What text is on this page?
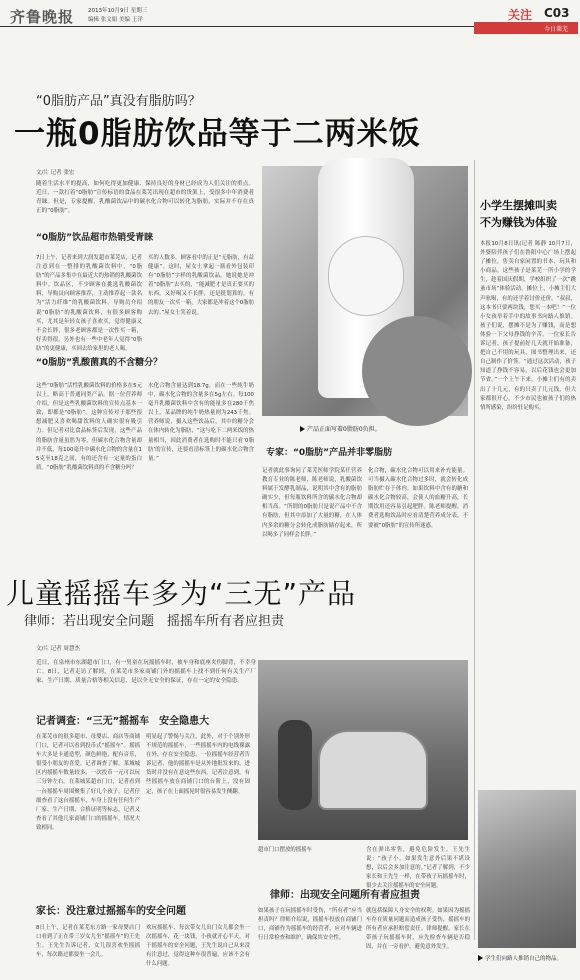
齐鲁晚报	2013年10月9日 星期三
编辑 张文娟 美编 王洋	关注 C03
今日莱芜
“0脂肪产品”真没有脂肪吗？
一瓶0脂肪饮品等于二两米饭
文/片 记者 张宏
随着生活水平的提高，如何吃得更加健康、保持良好的身材已经成为人们关注的重点。近日，一款打着“0脂肪”宣传标语的食品在莱芜出现在超市的货架上，受很多中年消费者青睐。但是，专家提醒，乳酸菌饮品中的碳水化合物可以转化为脂肪，实际并不存在真正的“0脂肪”。
“0脂肪”饮品超市热销受青睐
7日上午，记者来到大润发超市莱芜店，记者注意到在一整排的乳酸菌饮料中，“0脂肪”的产品多集中在最近大约热销的乳酸菌饮料中。饮品区，不少顾客在挑选乳酸菌饮料，导购员向顾客推荐，主动推荐起一款名为“活力纤维”的乳酸菌饮料。导购员介绍说“0脂肪”的乳酸菌饮料，有很多顾客购买，尤其是年轻女孩子喜欢买，觉得健康又不会长胖，很多老顾客都是一次性买一箱，好卖得很。另外也有一些中老年人觉得“0脂肪”的更健康，买回去给家里的老人喝。
买的人数多，顾客看中的正是“无脂肪，有益健康”。这时，屋女士拿起一瓶看外包装印有“0脂肪”字样的乳酸菌饮品，她说她是冲着“0脂肪”去买的，“能减肥才是真正要买的东西，又好喝又不长胖，还是挺划算的。有的朋友一次买一箱，大家都是冲着这个0脂肪去的。”屋女士笑着说。
“0脂肪”乳酸菌真的不含糖分？
这些“0脂肪”活性乳酸菌饮料的价格多在5元以上，略高于普通同类产品。据一位营养师介绍，但是这些乳酸菌饮料的宣传点基本一致，即都是“0脂肪”。这种宣传对于那些很想减肥又喜欢喝甜饮料的人确实很有吸引力。但记者对比食品标签后发现，这些产品的脂肪含量虽然为零，但碳水化合物含量却并不低，每100毫升中碳水化合物的含量在15克至18克之间，有的还含有一定量的蛋白质。“0脂肪”乳酸菌饮料真的不含糖分吗？
水化合物含量达到18.7g，而在一些纯牛奶中，碳水化合物的含量多在5g左右。每100毫升乳酸菌饮料中含有的能量多在280千焦以上，某品牌的纯牛奶热量则为243千焦。营养师说，摄入这些饮品后，其中的糖分会在体内转化为脂肪，“这与吃下二两米饭的热量相当，因此消费者在选购时不能只看‘0脂肪’的宣传，还要看清标签上的碳水化合物含量。”
产品正面写着0脂肪0负担。
专家：“0脂肪”产品并非零脂肪
记者就此事询问了莱芜医师学院某任营养教育专业的陈老师，陈老师说，乳酸菌饮料属于发酵乳制品，说明其中含有的脂肪确实少，但每瓶饮料所含的碳水化合物却相当高。“所谓的0脂肪只是说产品中不含有脂肪，但其中添加了大量的糖，在人体内多余的糖分会转化成脂肪储存起来，所以喝多了同样会长胖。”
化合物，碳水化合物可以用来补充能量。可当摄入碳水化合物过多时，就会转化成脂肪贮存于体内。如果饮料中含有的糖和碳水化合物较高，会使人的血糖升高，长期饮用还容易引起肥胖。陈老师提醒，消费者选购饮品时应看清楚营养成分表，不要被“0脂肪”的宣传所迷惑。
小学生摆摊叫卖
不为赚钱为体验
本报10月8日讯(记者 陈静 10月7日，外婆陪伴孩子们在鲁阳中心广场上摆起了摊位，售卖自家闲置的书本、玩具和小商品。这些孩子是莱芜一所小学的学生，趁着国庆假期，学校组织了一次“跳蚤市场”体验活动。摊位上，小摊主们大声吆喝，有的还学着讨价还价。“叔叔，这本书只要两块钱，您买一本吧！”一位小女孩举着手中的故事书向路人推销。孩子们说，摆摊不是为了赚钱，而是想体验一下父母挣钱的辛苦。一位家长告诉记者，孩子提前好几天就开始准备，把自己不用的玩具、图书整理出来，还自己制作了价签。“通过这次活动，孩子知道了挣钱不容易，以后花钱也会更加节省。”一个上午下来，小摊主们有的卖出了十几元，有的只卖了几元钱，但大家都很开心。不少市民也被孩子们的热情所感染，纷纷驻足购买。
学生们向路人推销自己的物品。
儿童摇摇车多为“三无”产品
律师：若出现安全问题　摇摇车所有者应担责
文/片 记者 周慧杰
近日，在泉州市东湖超市门口，有一男童在玩摇摇车时，被车身和底座夹伤脚背，不幸身亡。8日，记者走访了解到，在莱芜市多家商铺门外的摇摇车上找不到任何有关生产厂家、生产日期、质量合格等相关信息，是以全无安全的保证，存在一定的安全隐患。
记者调查：“三无”摇摇车　安全隐患大
在莱芜市的很多超市、母婴店、商店等商铺门口，记者可以看到投币式“摇摇车”。摇摇车大多是卡通造型，颜色鲜艳，配有音乐，很受小朋友的喜爱。记者调查了解，莱城城区内摇摇车数量较多，一次投币一元可以玩三分钟左右。在莱城某超市门口，记者看到一台摇摇车周围聚集了好几个孩子。记者仔细查看了这台摇摇车，车身上没有任何生产厂家、生产日期、合格证明等标志。记者又查看了其他几家商铺门口的摇摇车，情况大致相同。
明显起了警惕与关注，此外，对于个别外形不规范的摇摇车，一些摇摇车内的电线裸露在外，存在安全隐患。一位摇摇车经营者告诉记者，他的摇摇车是从外地批发来的，进货时并没有在意这些东西。记者注意到，有些摇摇车放在商铺门口的台阶上，没有固定，孩子在上面摇晃时很容易发生侧翻。
家长：没注意过摇摇车的安全问题
8日上午，记者在莱芜东方路一家母婴店门口看到了正在带三岁女儿坐“摇摇车”的王先生。王先生告诉记者，女儿很喜欢坐摇摇车，每次路过都要坐一会儿。
欢玩摇摇车，每次带女儿出门女儿都会坐一次摇摇车，花一块钱，小孩就开心半天。对于摇摇车的安全问题，王先生说自己从来没有注意过，觉得这种车很普遍，应该不会有什么问题。
超市门口摆放的摇摇车	含在弹出零售，避免危险发生。王先生说：“孩子小，如果发生意外后果不堪设想，以后会多加注意的。”记者了解到，不少家长和王先生一样，在带孩子玩摇摇车时，很少去关注摇摇车的安全问题。
律师：出现安全问题所有者应担责
如果孩子在玩摇摇车时受伤，“所有者”应当担责吗？律师介绍说，摇摇车投放在商铺门口，商铺作为摇摇车的经营者，应对车辆进行日常检查和维护，确保其安全性。
就包括保障人身安全的权利。如果因为摇摇车存在质量问题而造成孩子受伤，摇摇车的所有者应承担赔偿责任。律师提醒，家长在带孩子玩摇摇车时，应先检查车辆是否稳固，并在一旁看护，避免意外发生。
